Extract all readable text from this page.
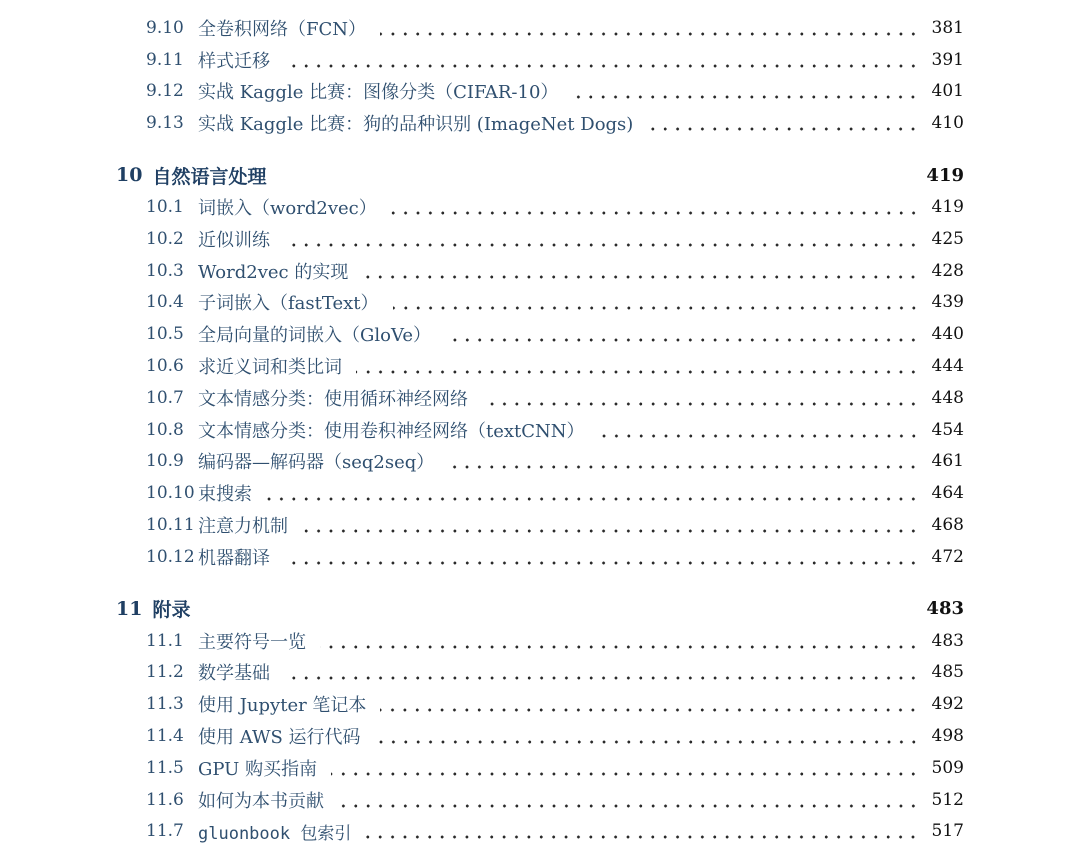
9.10 全卷积网络（FCN）	381
9.11 样式迁移	391
9.12 实战 Kaggle 比赛：图像分类（CIFAR-10）	401
9.13 实战 Kaggle 比赛：狗的品种识别 (ImageNet Dogs)	410
10 自然语言处理	419
10.1 词嵌入（word2vec）	419
10.2 近似训练	425
10.3 Word2vec 的实现	428
10.4 子词嵌入（fastText）	439
10.5 全局向量的词嵌入（GloVe）	440
10.6 求近义词和类比词	444
10.7 文本情感分类：使用循环神经网络	448
10.8 文本情感分类：使用卷积神经网络（textCNN）	454
10.9 编码器—解码器（seq2seq）	461
10.10 束搜索	464
10.11 注意力机制	468
10.12 机器翻译	472
11 附录	483
11.1 主要符号一览	483
11.2 数学基础	485
11.3 使用 Jupyter 笔记本	492
11.4 使用 AWS 运行代码	498
11.5 GPU 购买指南	509
11.6 如何为本书贡献	512
11.7 gluonbook 包索引	517
